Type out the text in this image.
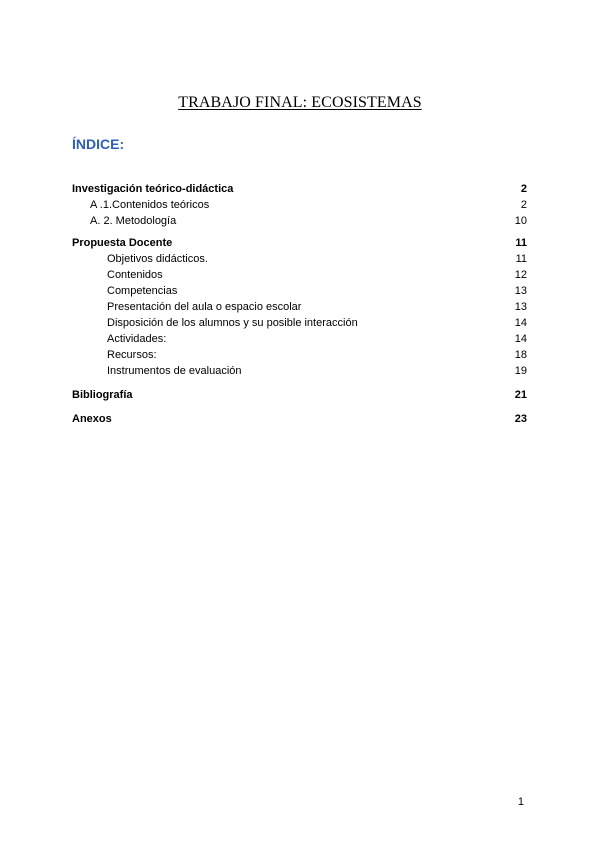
TRABAJO FINAL: ECOSISTEMAS
ÍNDICE:
Investigación teórico-didáctica	2
A .1.Contenidos teóricos	2
A. 2. Metodología	10
Propuesta Docente	11
Objetivos didácticos.	11
Contenidos	12
Competencias	13
Presentación del aula o espacio escolar	13
Disposición de los alumnos y su posible interacción	14
Actividades:	14
Recursos:	18
Instrumentos de evaluación	19
Bibliografía	21
Anexos	23
1
